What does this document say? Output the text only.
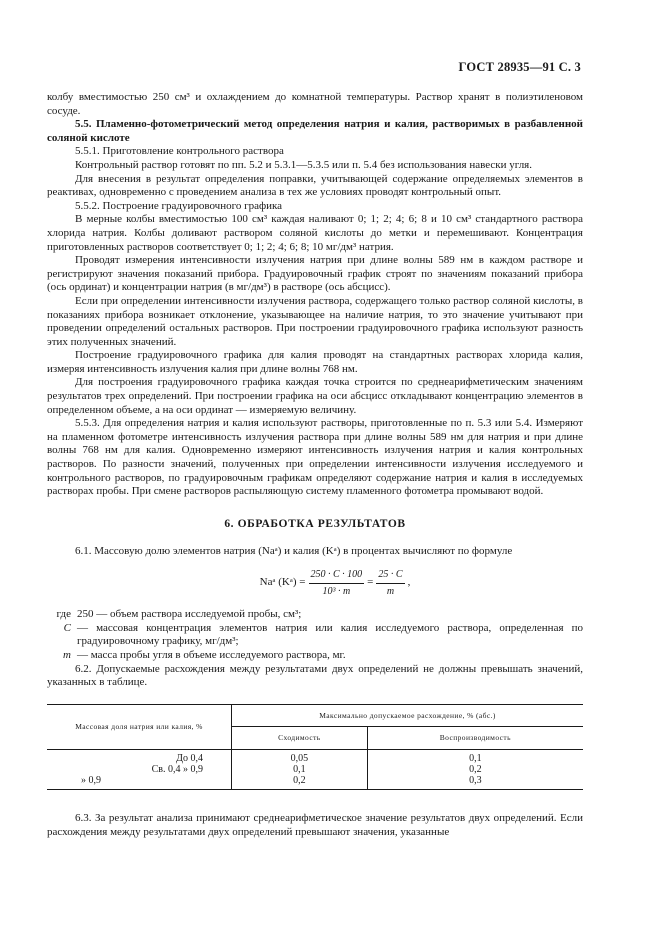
ГОСТ 28935—91 С. 3

колбу вместимостью 250 см³ и охлаждением до комнатной температуры. Раствор хранят в полиэтиленовом сосуде.

5.5. Пламенно-фотометрический метод определения натрия и калия, растворимых в разбавленной соляной кислоте

5.5.1. Приготовление контрольного раствора

Контрольный раствор готовят по пп. 5.2 и 5.3.1—5.3.5 или п. 5.4 без использования навески угля.

Для внесения в результат определения поправки, учитывающей содержание определяемых элементов в реактивах, одновременно с проведением анализа в тех же условиях проводят контрольный опыт.

5.5.2. Построение градуировочного графика

В мерные колбы вместимостью 100 см³ каждая наливают 0; 1; 2; 4; 6; 8 и 10 см³ стандартного раствора хлорида натрия. Колбы доливают раствором соляной кислоты до метки и перемешивают. Концентрация приготовленных растворов соответствует 0; 1; 2; 4; 6; 8; 10 мг/дм³ натрия.

Проводят измерения интенсивности излучения натрия при длине волны 589 нм в каждом растворе и регистрируют значения показаний прибора. Градуировочный график строят по значениям показаний прибора (ось ординат) и концентрации натрия (в мг/дм³) в растворе (ось абсцисс).

Если при определении интенсивности излучения раствора, содержащего только раствор соляной кислоты, в показаниях прибора возникает отклонение, указывающее на наличие натрия, то это значение учитывают при проведении определений остальных растворов. При построении градуировочного графика используют разность этих полученных значений.

Построение градуировочного графика для калия проводят на стандартных растворах хлорида калия, измеряя интенсивность излучения калия при длине волны 768 нм.

Для построения градуировочного графика каждая точка строится по среднеарифметическим значениям результатов трех определений. При построении графика на оси абсцисс откладывают концентрацию элементов в определенном объеме, а на оси ординат — измеряемую величину.

5.5.3. Для определения натрия и калия используют растворы, приготовленные по п. 5.3 или 5.4. Измеряют на пламенном фотометре интенсивность излучения раствора при длине волны 589 нм для натрия и при длине волны 768 нм для калия. Одновременно измеряют интенсивность излучения натрия и калия контрольных растворов. По разности значений, полученных при определении интенсивности излучения исследуемого и контрольного растворов, по градуировочным графикам определяют содержание натрия и калия в исследуемых растворах пробы. При смене растворов распыляющую систему пламенного фотометра промывают водой.

6. ОБРАБОТКА РЕЗУЛЬТАТОВ

6.1. Массовую долю элементов натрия (Naᵃ) и калия (Kᵃ) в процентах вычисляют по формуле

Naᵃ (Kᵃ) = $\frac{250 \cdot C \cdot 100}{\text{10³ · m}} = \frac{25 \cdot C}{m}$ ,
где 250 — объем раствора исследуемой пробы, см³;
C — массовая концентрация элементов натрия или калия исследуемого раствора, определенная по градуировочному графику, мг/дм³;
m — масса пробы угля в объеме исследуемого раствора, мг.

6.2. Допускаемые расхождения между результатами двух определений не должны превышать значений, указанных в таблице.

Массовая доля натрия или калия, %	Максимально допускаемое расхождение, % (абс.)	
	Сходимость	Воспроизводимость
До 0,4	0,05	0,1
Св. 0,4 » 0,9	0,1	0,2
» 0,9	0,2	0,3

6.3. За результат анализа принимают среднеарифметическое значение результатов двух определений. Если расхождения между результатами двух определений превышают значения, указанные
